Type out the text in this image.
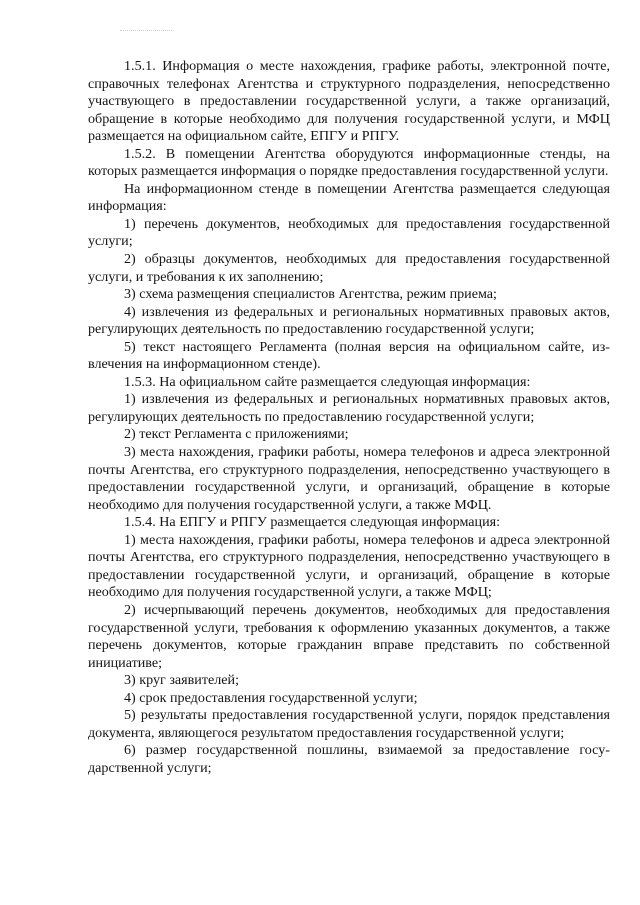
1.5.1. Информация о месте нахождения, графике работы, электронной почте, справочных телефонах Агентства и структурного подразделения, непосредственно участвующего в предоставлении государственной услуги, а также организаций, обращение в которые необходимо для получения государственной услуги, и МФЦ размещается на официальном сайте, ЕПГУ и РПГУ.

1.5.2. В помещении Агентства оборудуются информационные стенды, на которых размещается информация о порядке предоставления государственной услуги.

На информационном стенде в помещении Агентства размещается следующая информация:

1) перечень документов, необходимых для предоставления государственной услуги;

2) образцы документов, необходимых для предоставления государственной услуги, и требования к их заполнению;

3) схема размещения специалистов Агентства, режим приема;

4) извлечения из федеральных и региональных нормативных правовых актов, регулирующих деятельность по предоставлению государственной услуги;

5) текст настоящего Регламента (полная версия на официальном сайте, извлечения на информационном стенде).

1.5.3. На официальном сайте размещается следующая информация:

1) извлечения из федеральных и региональных нормативных правовых актов, регулирующих деятельность по предоставлению государственной услуги;

2) текст Регламента с приложениями;

3) места нахождения, графики работы, номера телефонов и адреса электронной почты Агентства, его структурного подразделения, непосредственно участвующего в предоставлении государственной услуги, и организаций, обращение в которые необходимо для получения государственной услуги, а также МФЦ.

1.5.4. На ЕПГУ и РПГУ размещается следующая информация:

1) места нахождения, графики работы, номера телефонов и адреса электронной почты Агентства, его структурного подразделения, непосредственно участвующего в предоставлении государственной услуги, и организаций, обращение в которые необходимо для получения государственной услуги, а также МФЦ;

2) исчерпывающий перечень документов, необходимых для предоставления государственной услуги, требования к оформлению указанных документов, а также перечень документов, которые гражданин вправе представить по собственной инициативе;

3) круг заявителей;

4) срок предоставления государственной услуги;

5) результаты предоставления государственной услуги, порядок представления документа, являющегося результатом предоставления государственной услуги;

6) размер государственной пошлины, взимаемой за предоставление государственной услуги;
